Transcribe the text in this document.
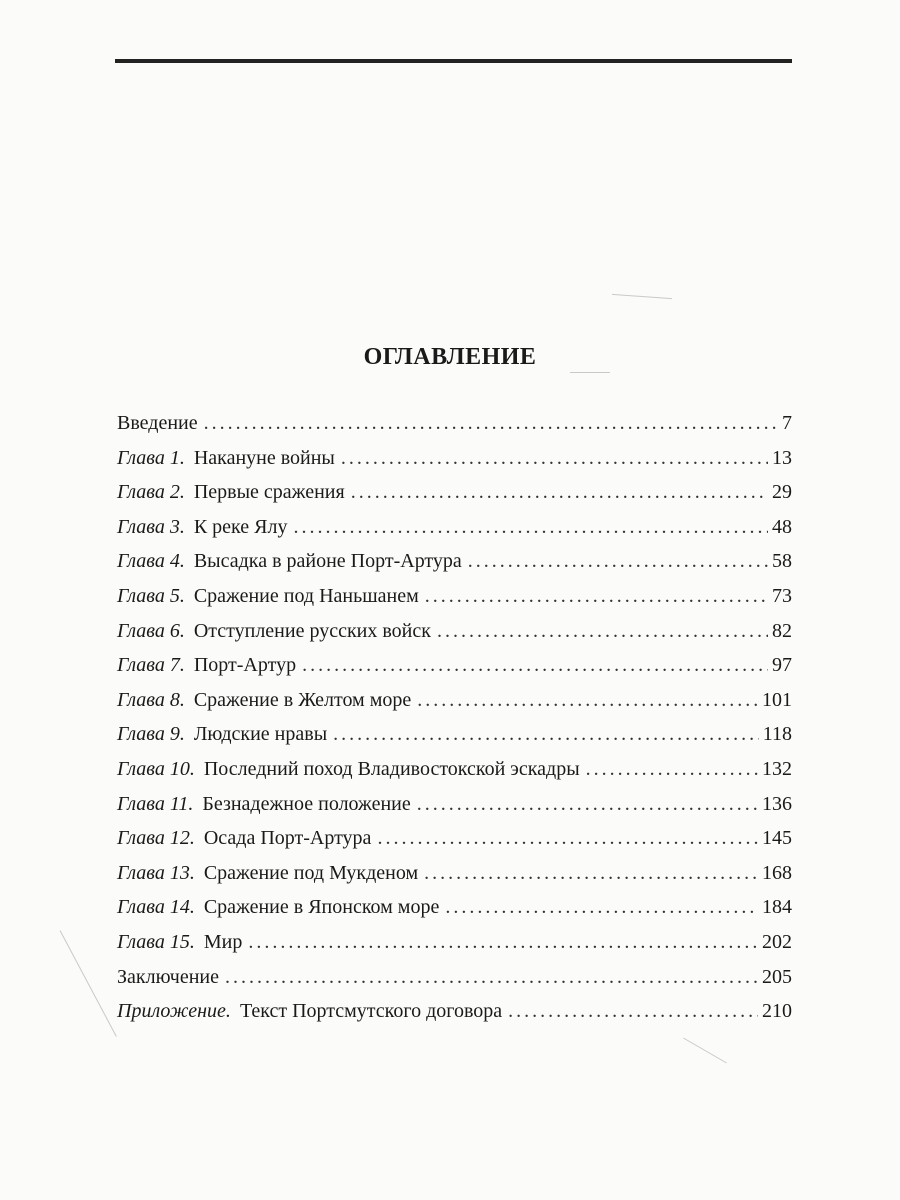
ОГЛАВЛЕНИЕ
Введение .....	7
Глава 1. Накануне войны .....	13
Глава 2. Первые сражения .....	29
Глава 3. К реке Ялу .....	48
Глава 4. Высадка в районе Порт-Артура .....	58
Глава 5. Сражение под Наньшанем .....	73
Глава 6. Отступление русских войск .....	82
Глава 7. Порт-Артур .....	97
Глава 8. Сражение в Желтом море .....	101
Глава 9. Людские нравы .....	118
Глава 10. Последний поход Владивостокской эскадры .....	132
Глава 11. Безнадежное положение .....	136
Глава 12. Осада Порт-Артура .....	145
Глава 13. Сражение под Мукденом .....	168
Глава 14. Сражение в Японском море .....	184
Глава 15. Мир .....	202
Заключение .....	205
Приложение. Текст Портсмутского договора .....	210
